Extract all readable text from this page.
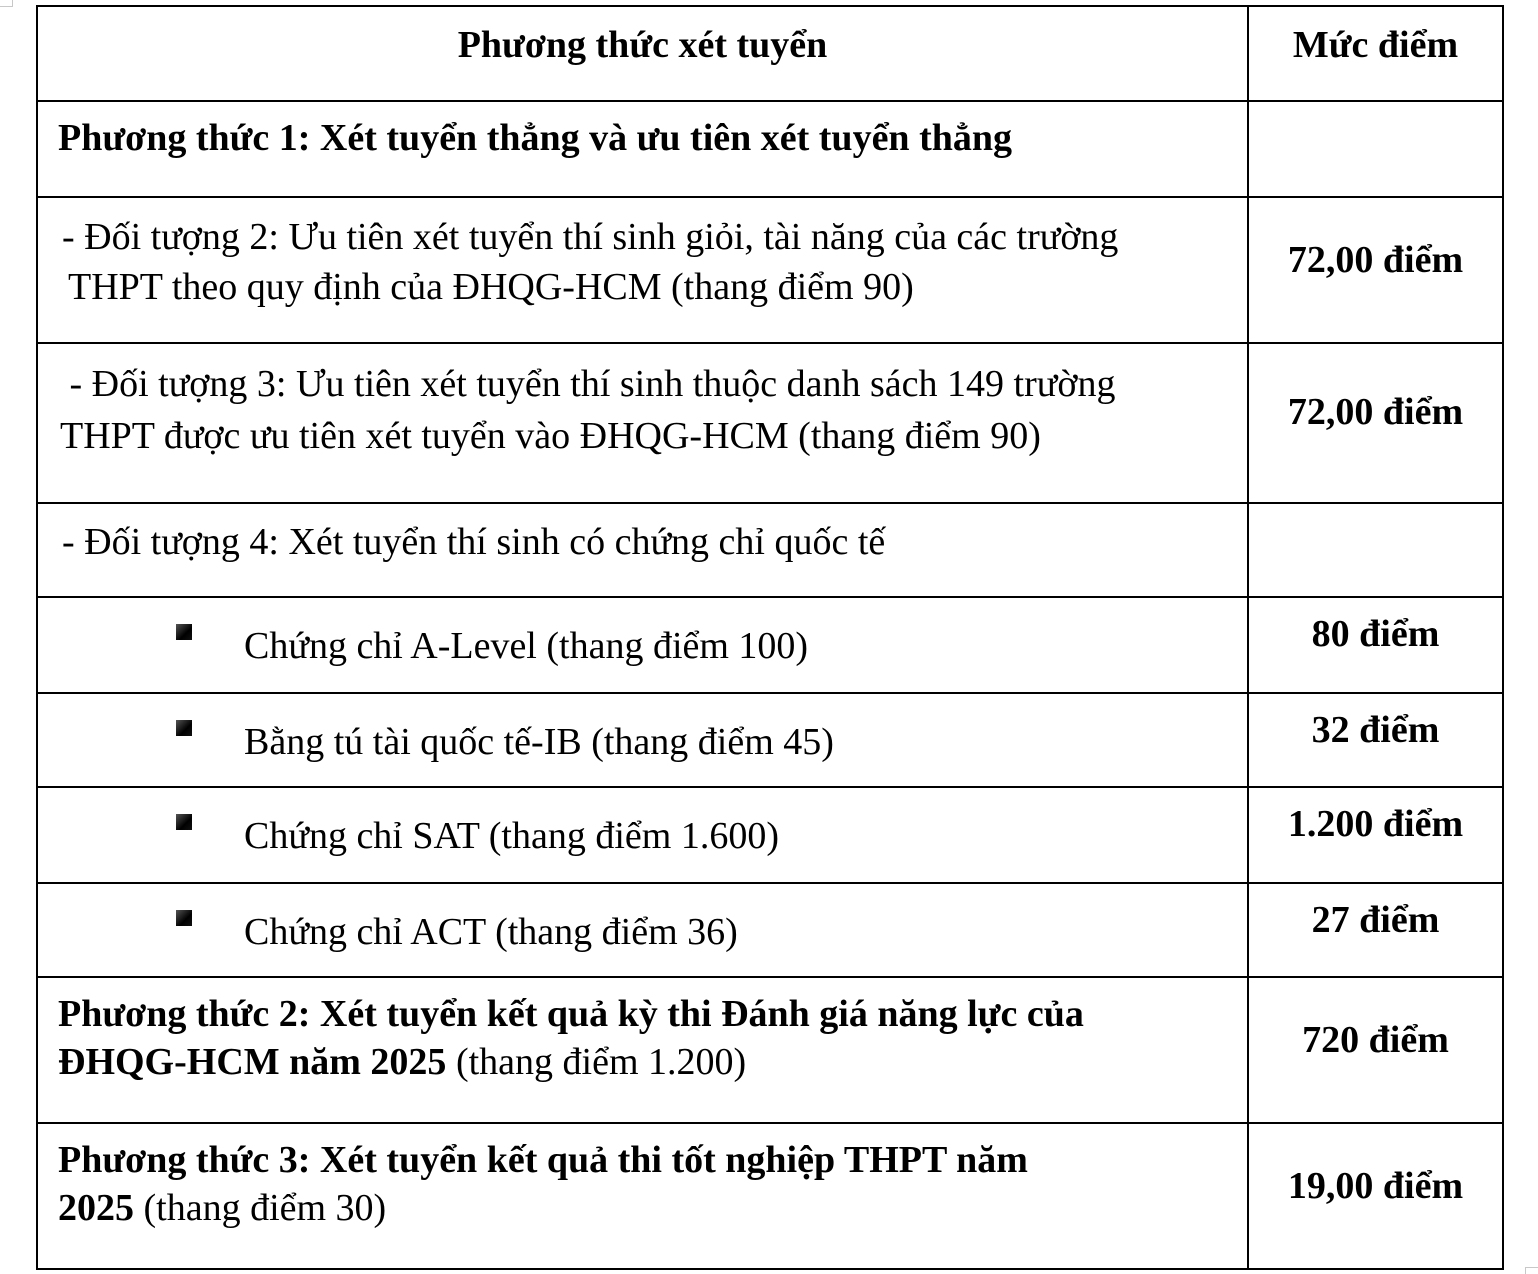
Phương thức xét tuyển	Mức điểm
Phương thức 1: Xét tuyển thẳng và ưu tiên xét tuyển thẳng	

- Đối tượng 2: Ưu tiên xét tuyển thí sinh giỏi, tài năng của các trường
THPT theo quy định của ĐHQG-HCM (thang điểm 90)	72,00 điểm

- Đối tượng 3: Ưu tiên xét tuyển thí sinh thuộc danh sách 149 trường
THPT được ưu tiên xét tuyển vào ĐHQG-HCM (thang điểm 90)	72,00 điểm
- Đối tượng 4: Xét tuyển thí sinh có chứng chỉ quốc tế	
Chứng chỉ A-Level (thang điểm 100)	80 điểm
Bằng tú tài quốc tế-IB (thang điểm 45)	32 điểm
Chứng chỉ SAT (thang điểm 1.600)	1.200 điểm
Chứng chỉ ACT (thang điểm 36)	27 điểm

Phương thức 2: Xét tuyển kết quả kỳ thi Đánh giá năng lực của
ĐHQG-HCM năm 2025 (thang điểm 1.200)	720 điểm

Phương thức 3: Xét tuyển kết quả thi tốt nghiệp THPT năm
2025 (thang điểm 30)	19,00 điểm
